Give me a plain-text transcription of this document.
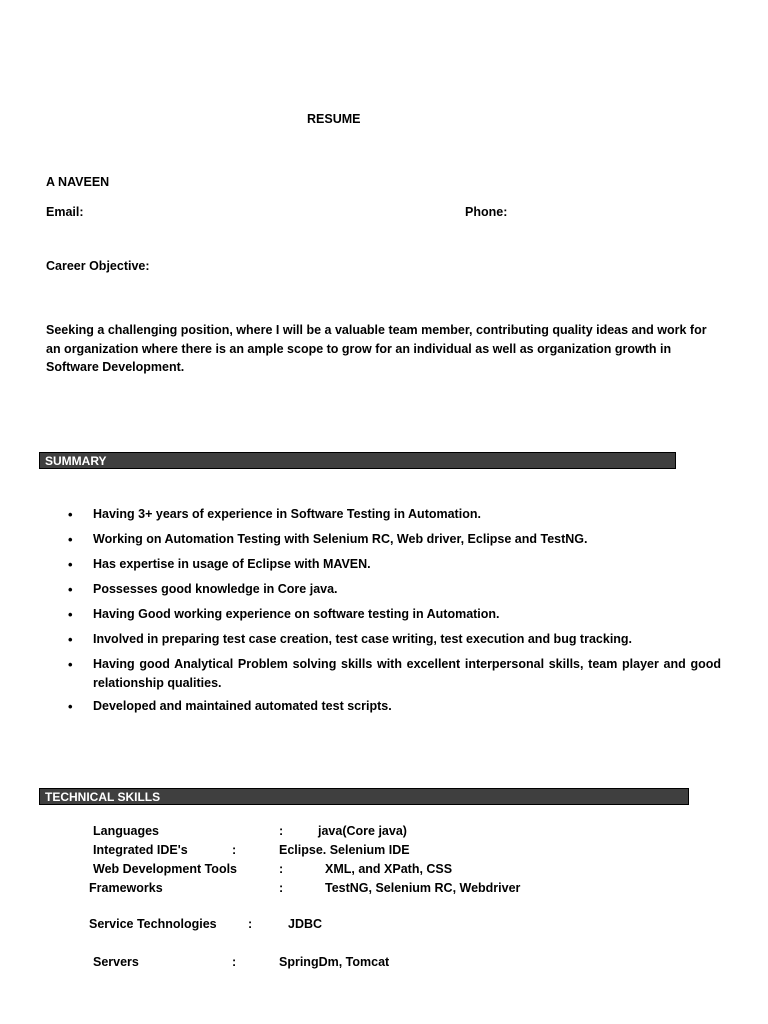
RESUME
A NAVEEN
Email:	Phone:
Career Objective:
Seeking a challenging position, where I will be a valuable team member, contributing quality ideas and work for an organization where there is an ample scope to grow for an individual as well as organization growth in Software Development.
SUMMARY
• Having 3+ years of experience in Software Testing in Automation.
• Working on Automation Testing with Selenium RC, Web driver, Eclipse and TestNG.
• Has expertise in usage of Eclipse with MAVEN.
• Possesses good knowledge in Core java.
• Having Good working experience on software testing in Automation.
• Involved in preparing test case creation, test case writing, test execution and bug tracking.
• Having good Analytical Problem solving skills with excellent interpersonal skills, team player and good relationship qualities.
• Developed and maintained automated test scripts.
TECHNICAL SKILLS
Languages	:	java(Core java)
Integrated IDE's	:	Eclipse. Selenium IDE
Web Development Tools	:	XML, and XPath, CSS
Frameworks	:	TestNG, Selenium RC, Webdriver
Service Technologies	:	JDBC
Servers	:	SpringDm, Tomcat
